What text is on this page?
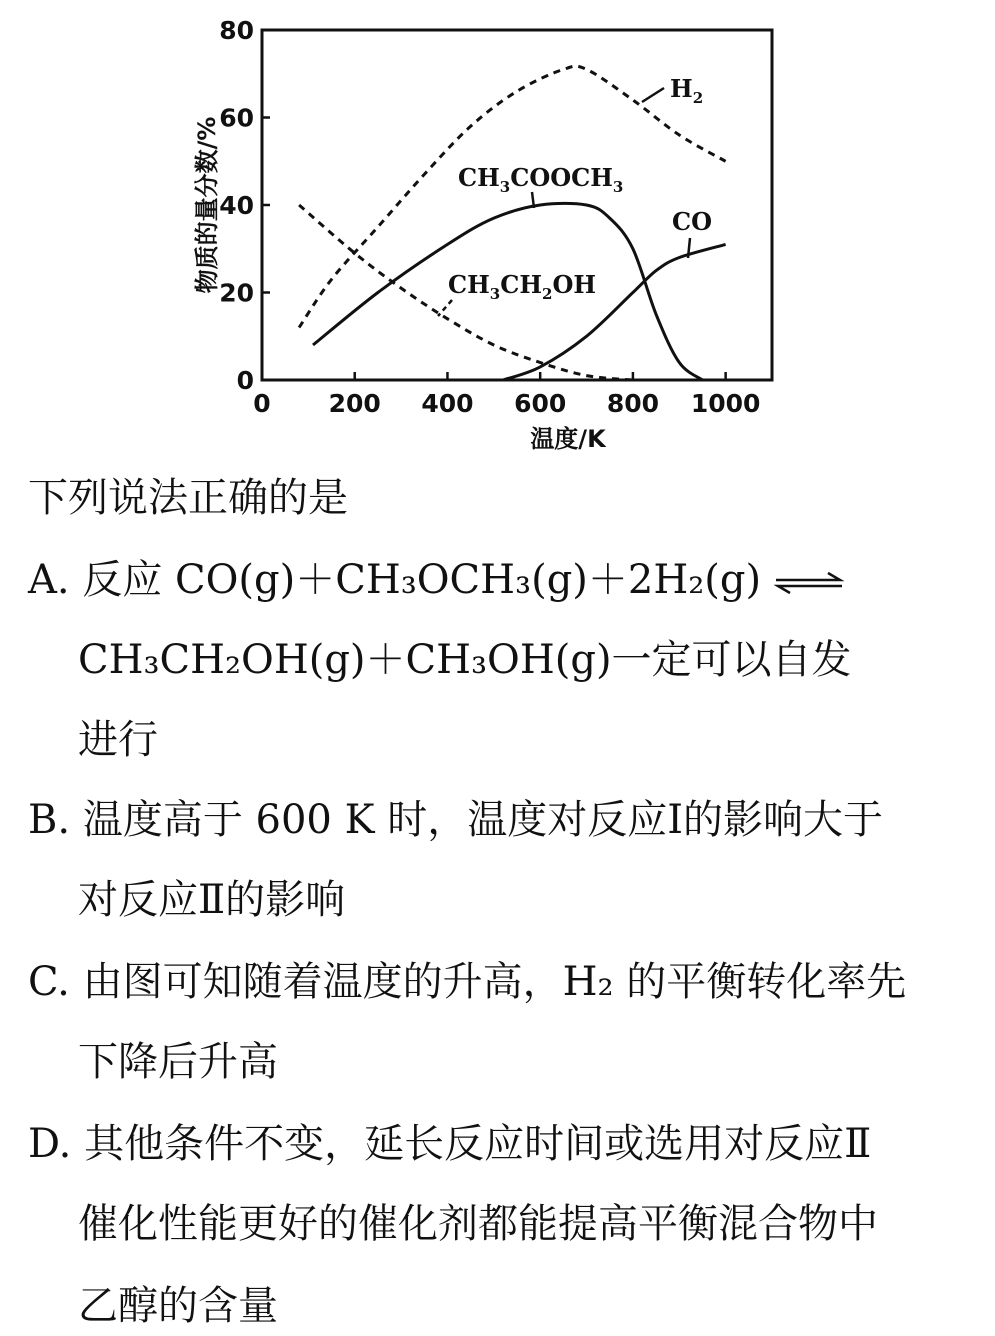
0
20
40
60
80
0 200 400 600 800 1000
物质的量分数/%
温度/K
$H_2$
$CH_3COOCH_3$
$CH_3CH_2OH$
CO
下列说法正确的是
A. 反应 CO(g)＋CH₃OCH₃(g)＋2H₂(g) ⇌
CH₃CH₂OH(g)＋CH₃OH(g)一定可以自发
进行
B. 温度高于 600 K 时，温度对反应Ⅰ的影响大于
对反应Ⅱ的影响
C. 由图可知随着温度的升高，H₂ 的平衡转化率先
下降后升高
D. 其他条件不变，延长反应时间或选用对反应Ⅱ
催化性能更好的催化剂都能提高平衡混合物中
乙醇的含量
